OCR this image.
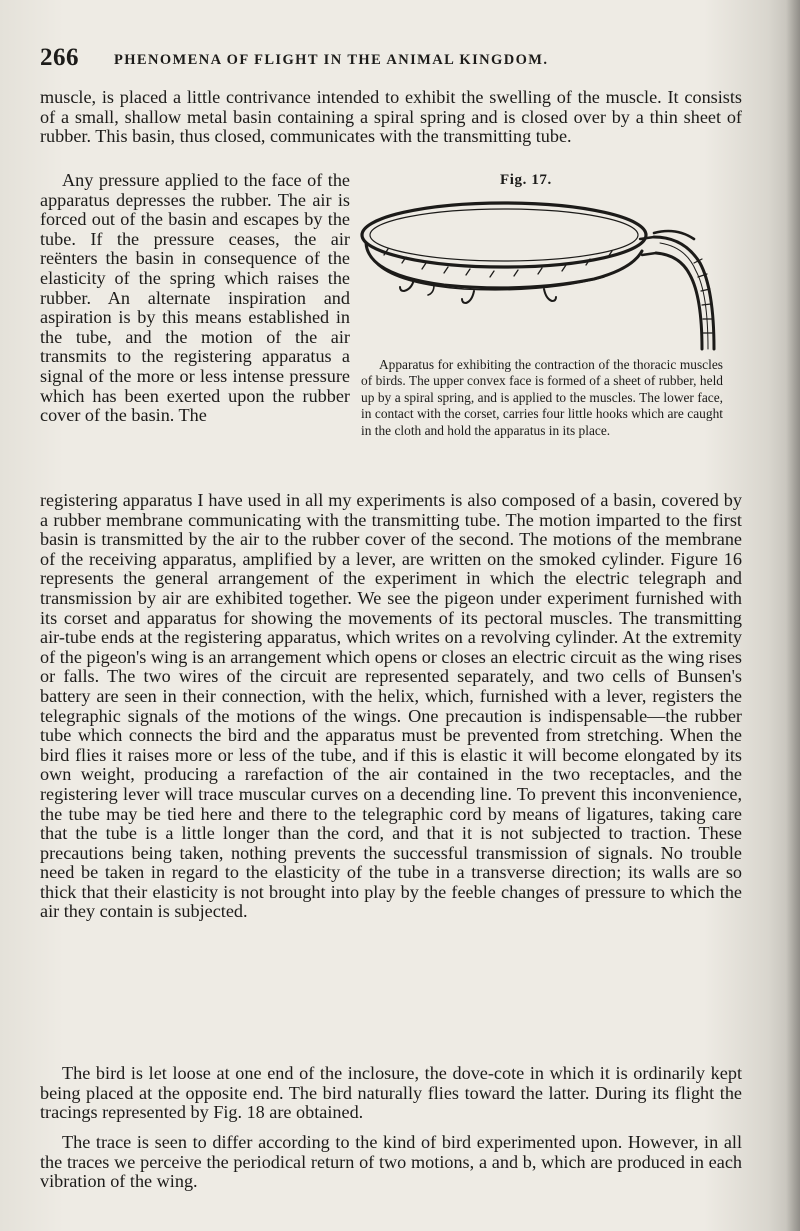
266 PHENOMENA OF FLIGHT IN THE ANIMAL KINGDOM.

muscle, is placed a little contrivance intended to exhibit the swelling of the muscle. It consists of a small, shallow metal basin containing a spiral spring and is closed over by a thin sheet of rubber. This basin, thus closed, communicates with the transmitting tube.

Any pressure applied to the face of the apparatus depresses the rubber. The air is forced out of the basin and escapes by the tube. If the pressure ceases, the air reënters the basin in consequence of the elasticity of the spring which raises the rubber. An alternate inspiration and aspiration is by this means established in the tube, and the motion of the air transmits to the registering apparatus a signal of the more or less intense pressure which has been exerted upon the rubber cover of the basin. The

Fig. 17.

Apparatus for exhibiting the contraction of the thoracic muscles of birds. The upper convex face is formed of a sheet of rubber, held up by a spiral spring, and is applied to the muscles. The lower face, in contact with the corset, carries four little hooks which are caught in the cloth and hold the apparatus in its place.

registering apparatus I have used in all my experiments is also composed of a basin, covered by a rubber membrane communicating with the transmitting tube. The motion imparted to the first basin is transmitted by the air to the rubber cover of the second. The motions of the membrane of the receiving apparatus, amplified by a lever, are written on the smoked cylinder. Figure 16 represents the general arrangement of the experiment in which the electric telegraph and transmission by air are exhibited together. We see the pigeon under experiment furnished with its corset and apparatus for showing the movements of its pectoral muscles. The transmitting air-tube ends at the registering apparatus, which writes on a revolving cylinder. At the extremity of the pigeon's wing is an arrangement which opens or closes an electric circuit as the wing rises or falls. The two wires of the circuit are represented separately, and two cells of Bunsen's battery are seen in their connection, with the helix, which, furnished with a lever, registers the telegraphic signals of the motions of the wings. One precaution is indispensable—the rubber tube which connects the bird and the apparatus must be prevented from stretching. When the bird flies it raises more or less of the tube, and if this is elastic it will become elongated by its own weight, producing a rarefaction of the air contained in the two receptacles, and the registering lever will trace muscular curves on a decending line. To prevent this inconvenience, the tube may be tied here and there to the telegraphic cord by means of ligatures, taking care that the tube is a little longer than the cord, and that it is not subjected to traction. These precautions being taken, nothing prevents the successful transmission of signals. No trouble need be taken in regard to the elasticity of the tube in a transverse direction; its walls are so thick that their elasticity is not brought into play by the feeble changes of pressure to which the air they contain is subjected.

The bird is let loose at one end of the inclosure, the dove-cote in which it is ordinarily kept being placed at the opposite end. The bird naturally flies toward the latter. During its flight the tracings represented by Fig. 18 are obtained.

The trace is seen to differ according to the kind of bird experimented upon. However, in all the traces we perceive the periodical return of two motions, a and b, which are produced in each vibration of the wing.
